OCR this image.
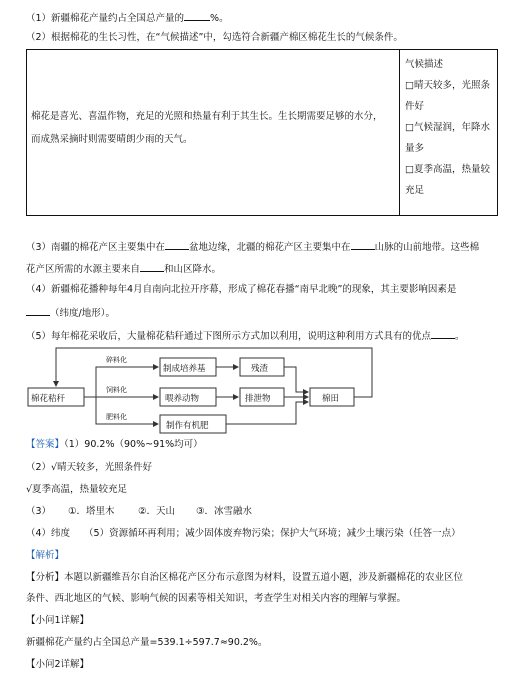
（1）新疆棉花产量约占全国总产量的	%。
（2）根据棉花的生长习性，在“气候描述”中，勾选符合新疆产棉区棉花生长的气候条件。
棉花是喜光、喜温作物，充足的光照和热量有利于其生长。生长期需要足够的水分，
而成熟采摘时则需要晴朗少雨的天气。
气候描述
□晴天较多，光照条件好
□气候湿润，年降水量多
□夏季高温，热量较充足
（3）南疆的棉花产区主要集中在	盆地边缘，北疆的棉花产区主要集中在	山脉的山前地带。这些棉
花产区所需的水源主要来自	和山区降水。
（4）新疆棉花播种每年4月自南向北拉开序幕，形成了棉花春播“南早北晚”的现象，其主要影响因素是
（纬度/地形）。
（5）每年棉花采收后，大量棉花秸秆通过下图所示方式加以利用，说明这种利用方式具有的优点	。
棉花秸秆
碎料化
饲料化
肥料化
制成培养基	残渣
喂养动物	排泄物
制作有机肥
棉田
【答案】（1）90.2%（90%~91%均可）
（2）√晴天较多，光照条件好
√夏季高温，热量较充足
（3） ①．塔里木 ②．天山 ③．冰雪融水
（4）纬度 （5）资源循环再利用；减少固体废弃物污染；保护大气环境；减少土壤污染（任答一点）
【解析】
【分析】本题以新疆维吾尔自治区棉花产区分布示意图为材料，设置五道小题，涉及新疆棉花的农业区位
条件、西北地区的气候、影响气候的因素等相关知识，考查学生对相关内容的理解与掌握。
【小问1详解】
新疆棉花产量约占全国总产量=539.1÷597.7≈90.2%。
【小问2详解】
